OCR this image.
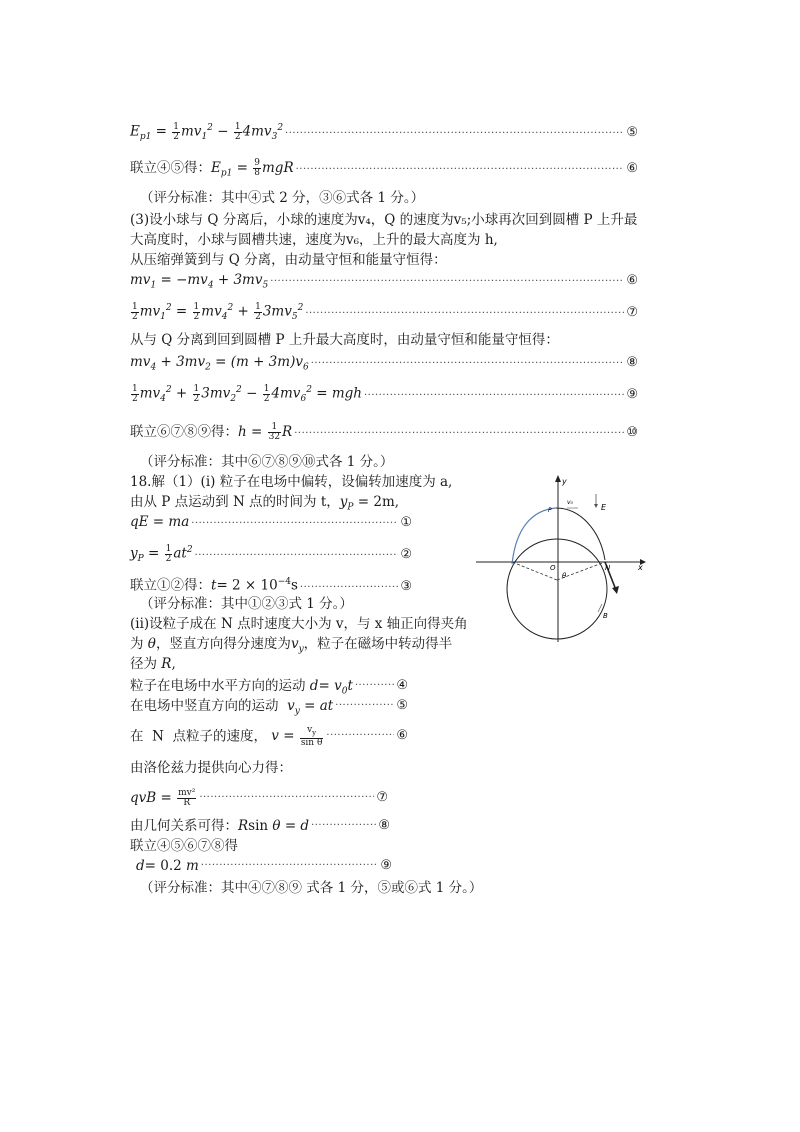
$E_{p1} = \frac{1}{2} mv_1^2 - \frac{1}{2} 4mv_3^2$ ·····	⑤
联立④⑤得：$E_{p1} = \frac{9}{8}$ mgR ·····	⑥
（评分标准：其中④式 2 分，③⑥式各 1 分。）
(3)设小球与 Q 分离后，小球的速度为v₄，Q 的速度为v₅;小球再次回到圆槽 P 上升最
大高度时，小球与圆槽共速，速度为v₆，上升的最大高度为 h,
从压缩弹簧到与 Q 分离，由动量守恒和能量守恒得：
$mv_1 = -mv_4 + 3mv_5$ ·····	⑥
$\frac{1}{2} mv_1^2 = \frac{1}{2} mv_4^2 + \frac{1}{2} 3mv_5^2$ ·····	⑦
从与 Q 分离到回到圆槽 P 上升最大高度时，由动量守恒和能量守恒得：
$mv_4 + 3mv_2 = (m + 3m)v_6$ ·····	⑧
$\frac{1}{2} mv_4^2 + \frac{1}{2} 3mv_2^2 - \frac{1}{2} 4mv_6^2$ = mgh ·····	⑨
联立⑥⑦⑧⑨得：$h = \frac{1}{32}$ R ·····	⑩
（评分标准：其中⑥⑦⑧⑨⑩式各 1 分。）
18.解（1）(i) 粒子在电场中偏转，设偏转加速度为 a,
由从 P 点运动到 N 点的时间为 t，$y_P = 2m$,
qE = ma ·····	①
$y_P = \frac{1}{2} at^2$ ·····	②
联立①②得：$t= 2 \times 10^{-4}s$ ·····	③
（评分标准：其中①②③式 1 分。）
(ii)设粒子成在 N 点时速度大小为 v，与 x 轴正向得夹角
为 θ，竖直方向得分速度为$v_y$，粒子在磁场中转动得半
径为 R,
粒子在电场中水平方向的运动 $d= v_0t$ ·····	④
在电场中竖直方向的运动  $v_y$ = at ·····	⑤
在  N  点粒子的速度， $v = \frac{v_y}{\text{sin θ}}$ ·····	⑥
由洛伦兹力提供向心力得：
qvB = $\frac{\text{mv²}}{R}$ ·····	⑦
由几何关系可得：Rsin θ = d ·····	⑧
联立④⑤⑥⑦⑧得
d= 0.2 m ·····	⑨
（评分标准：其中④⑦⑧⑨ 式各 1 分，⑤或⑥式 1 分。）
y
x
E
v₀
B
P
O
θ
N
